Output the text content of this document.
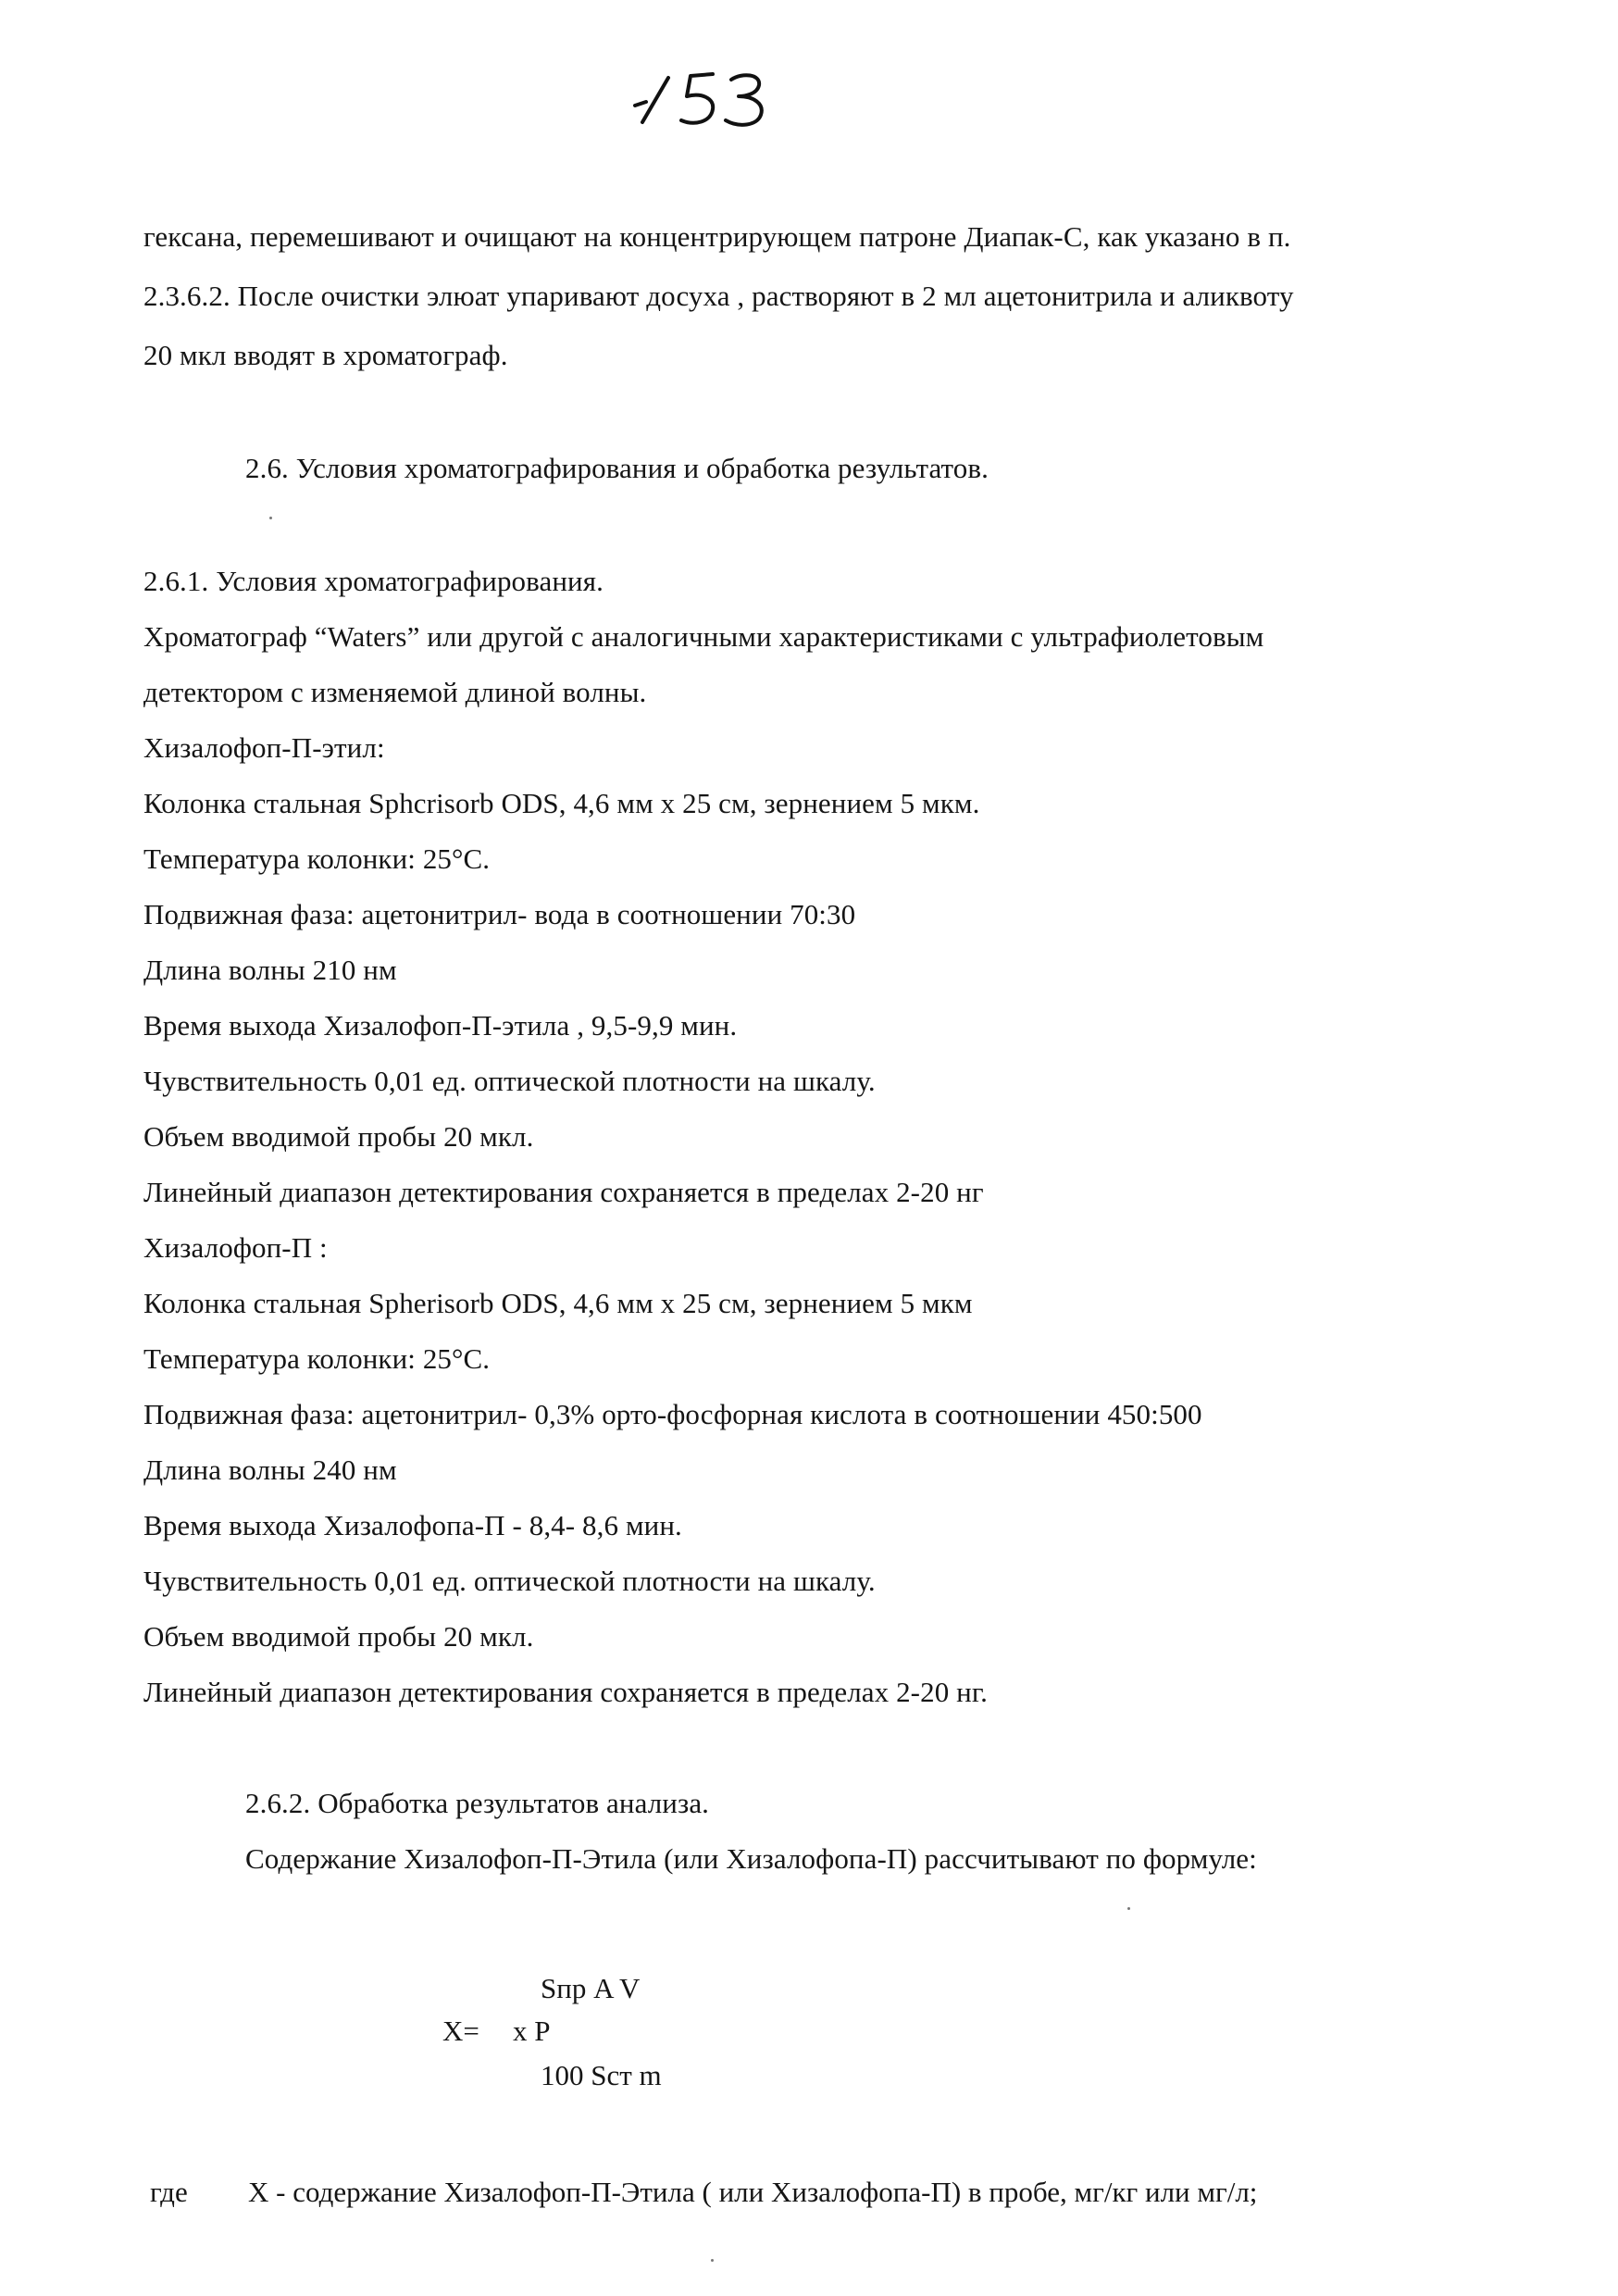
гексана, перемешивают и очищают на концентрирующем патроне Диапак-С, как указано в п.
2.3.6.2. После очистки элюат упаривают досуха , растворяют в 2 мл ацетонитрила и аликвоту
20 мкл вводят в хроматограф.
2.6. Условия хроматографирования и обработка результатов.
2.6.1. Условия хроматографирования.
Хроматограф “Waters” или другой с аналогичными характеристиками с ультрафиолетовым
детектором с изменяемой длиной волны.
Хизалофоп-П-этил:
Колонка стальная Sphcrisorb ODS, 4,6 мм х 25 см, зернением 5 мкм.
Температура колонки: 25°С.
Подвижная фаза: ацетонитрил- вода в соотношении 70:30
Длина волны 210 нм
Время выхода Хизалофоп-П-этила , 9,5-9,9 мин.
Чувствительность 0,01 ед. оптической плотности на шкалу.
Объем вводимой пробы 20 мкл.
Линейный диапазон детектирования сохраняется в пределах 2-20 нг
Хизалофоп-П :
Колонка стальная Spherisorb ODS, 4,6 мм х 25 см, зернением 5 мкм
Температура колонки: 25°С.
Подвижная фаза: ацетонитрил- 0,3% орто-фосфорная кислота в соотношении 450:500
Длина волны 240 нм
Время выхода Хизалофопа-П - 8,4- 8,6 мин.
Чувствительность 0,01 ед. оптической плотности на шкалу.
Объем вводимой пробы 20 мкл.
Линейный диапазон детектирования сохраняется в пределах 2-20 нг.
2.6.2. Обработка результатов анализа.
Содержание Хизалофоп-П-Этила (или Хизалофопа-П) рассчитывают по формуле:
Sпр A V
X= x P
100 Scт m
где X - содержание Хизалофоп-П-Этила ( или Хизалофопа-П) в пробе, мг/кг или мг/л;
